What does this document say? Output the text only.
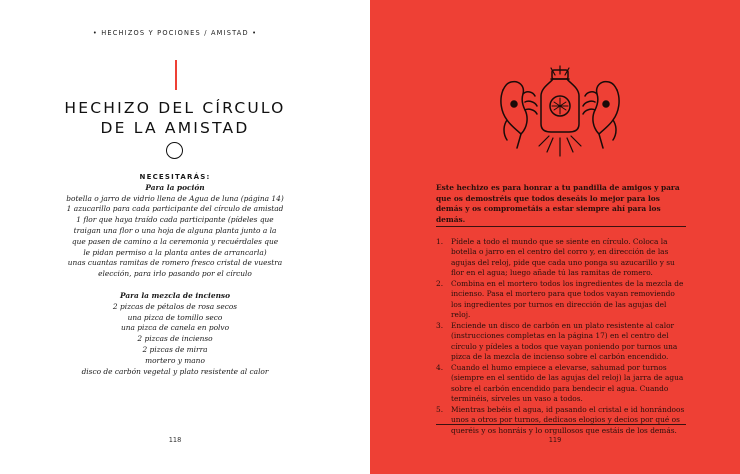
• HECHIZOS Y POCIONES / AMISTAD •
HECHIZO DEL CÍRCULO
DE LA AMISTAD
NECESITARÁS:
Para la poción
botella o jarro de vidrio llena de Agua de luna (página 14)
1 azucarillo para cada participante del círculo de amistad
1 flor que haya traído cada participante (pídeles que
traigan una flor o una hoja de alguna planta junto a la
que pasen de camino a la ceremonia y recuérdales que
le pidan permiso a la planta antes de arrancarla)
unas cuantas ramitas de romero fresco cristal de vuestra
elección, para irlo pasando por el círculo
Para la mezcla de incienso
2 pizcas de pétalos de rosa secos
una pizca de tomillo seco
una pizca de canela en polvo
2 pizcas de incienso
2 pizcas de mirra
mortero y mano
disco de carbón vegetal y plato resistente al calor
118

Este hechizo es para honrar a tu pandilla de amigos y para que os demostréis que todos deseáis lo mejor para los demás y os comprometáis a estar siempre ahí para los demás.

1. Pídele a todo el mundo que se siente en círculo. Coloca la botella o jarro en el centro del corro y, en dirección de las agujas del reloj, pide que cada uno ponga su azucarillo y su flor en el agua; luego añade tú las ramitas de romero.
2. Combina en el mortero todos los ingredientes de la mezcla de incienso. Pasa el mortero para que todos vayan removiendo los ingredientes por turnos en dirección de las agujas del reloj.
3. Enciende un disco de carbón en un plato resistente al calor (instrucciones completas en la página 17) en el centro del círculo y pídeles a todos que vayan poniendo por turnos una pizca de la mezcla de incienso sobre el carbón encendido.
4. Cuando el humo empiece a elevarse, sahumad por turnos (siempre en el sentido de las agujas del reloj) la jarra de agua sobre el carbón encendido para bendecir el agua. Cuando terminéis, sírveles un vaso a todos.
5. Mientras bebéis el agua, id pasando el cristal e id honrándoos unos a otros por turnos, dedicaos elogios y decios por qué os queréis y os honráis y lo orgullosos que estáis de los demás.
119
